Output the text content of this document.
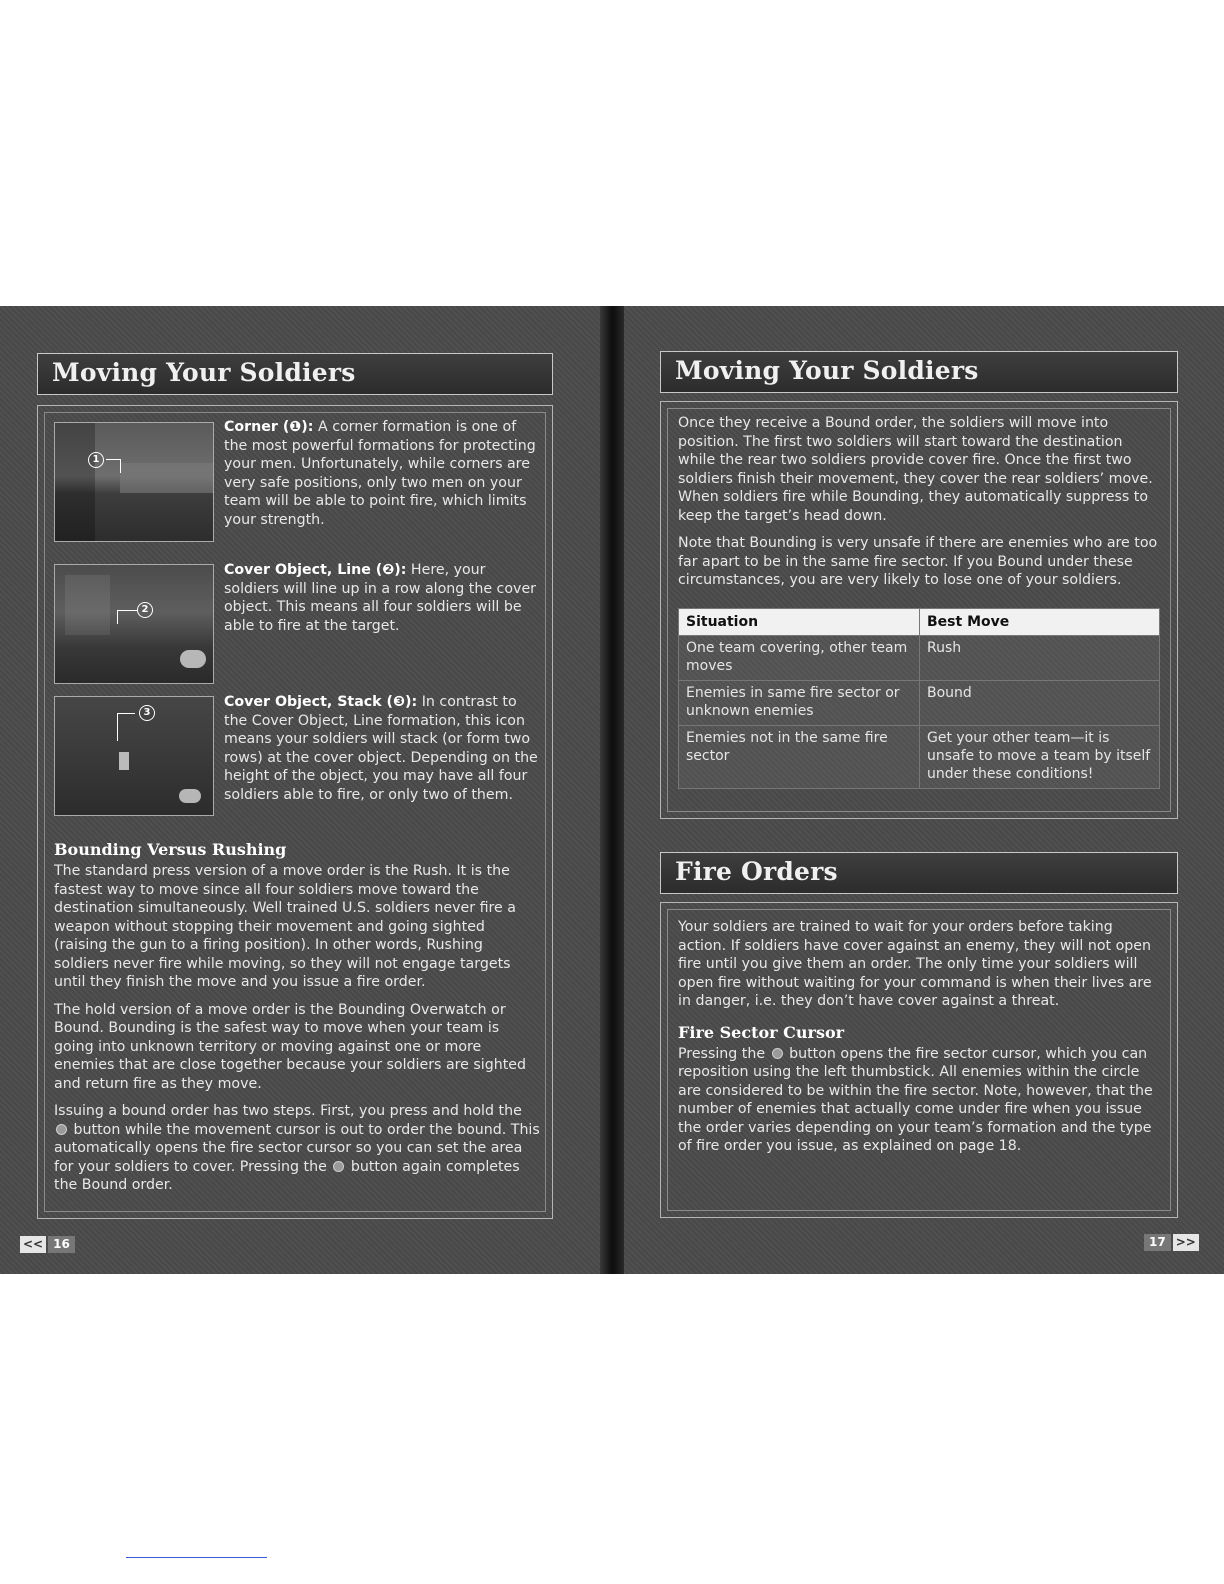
Moving Your Soldiers
1
Corner (❶): A corner formation is one of the most powerful formations for protecting your men. Unfortunately, while corners are very safe positions, only two men on your team will be able to point fire, which limits your strength.
2
Cover Object, Line (❷): Here, your soldiers will line up in a row along the cover object. This means all four soldiers will be able to fire at the target.
3
Cover Object, Stack (❸): In contrast to the Cover Object, Line formation, this icon means your soldiers will stack (or form two rows) at the cover object. Depending on the height of the object, you may have all four soldiers able to fire, or only two of them.
Bounding Versus Rushing

The standard press version of a move order is the Rush. It is the fastest way to move since all four soldiers move toward the destination simultaneously. Well trained U.S. soldiers never fire a weapon without stopping their movement and going sighted (raising the gun to a firing position). In other words, Rushing soldiers never fire while moving, so they will not engage targets until they finish the move and you issue a fire order.

The hold version of a move order is the Bounding Overwatch or Bound. Bounding is the safest way to move when your team is going into unknown territory or moving against one or more enemies that are close together because your soldiers are sighted and return fire as they move.

Issuing a bound order has two steps. First, you press and hold the  button while the movement cursor is out to order the bound. This automatically opens the fire sector cursor so you can set the area for your soldiers to cover. Pressing the  button again completes the Bound order.

<< 16
Moving Your Soldiers

Once they receive a Bound order, the soldiers will move into position. The first two soldiers will start toward the destination while the rear two soldiers provide cover fire. Once the first two soldiers finish their movement, they cover the rear soldiers’ move. When soldiers fire while Bounding, they automatically suppress to keep the target’s head down.

Note that Bounding is very unsafe if there are enemies who are too far apart to be in the same fire sector. If you Bound under these circumstances, you are very likely to lose one of your soldiers.

Situation	Best Move
One team covering, other team moves	Rush
Enemies in same fire sector or unknown enemies	Bound
Enemies not in the same fire sector	Get your other team—it is unsafe to move a team by itself under these conditions!
Fire Orders

Your soldiers are trained to wait for your orders before taking action. If soldiers have cover against an enemy, they will not open fire until you give them an order. The only time your soldiers will open fire without waiting for your command is when their lives are in danger, i.e. they don’t have cover against a threat.

Fire Sector Cursor

Pressing the  button opens the fire sector cursor, which you can reposition using the left thumbstick. All enemies within the circle are considered to be within the fire sector. Note, however, that the number of enemies that actually come under fire when you issue the order varies depending on your team’s formation and the type of fire order you issue, as explained on page 18.

17 >>
